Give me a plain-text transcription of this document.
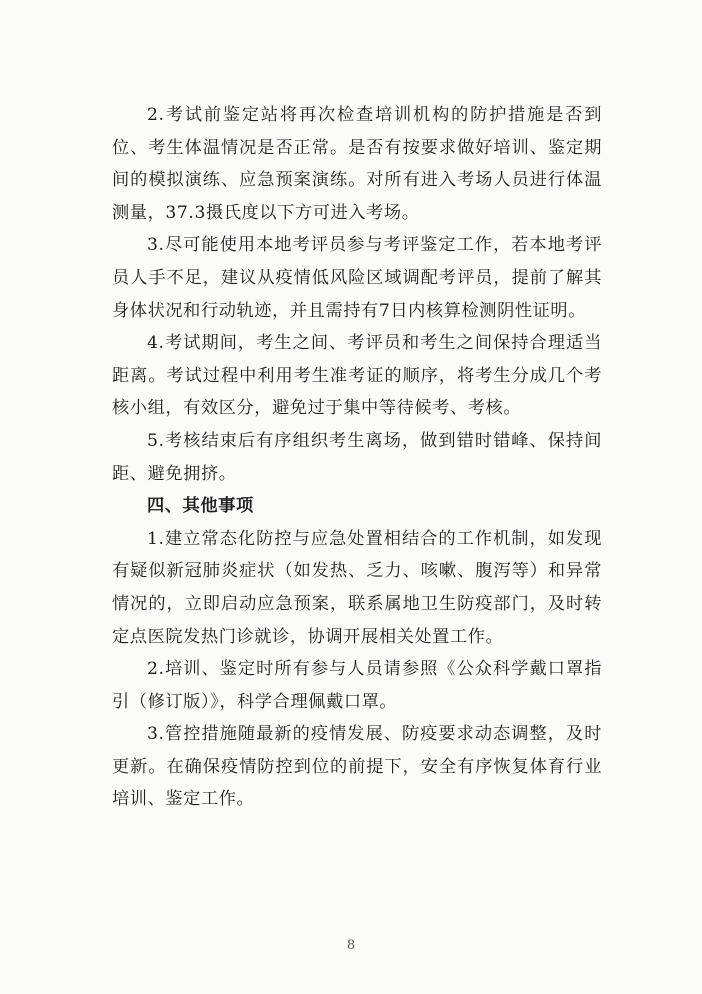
2.考试前鉴定站将再次检查培训机构的防护措施是否到位、考生体温情况是否正常。是否有按要求做好培训、鉴定期间的模拟演练、应急预案演练。对所有进入考场人员进行体温测量，37.3摄氏度以下方可进入考场。

3.尽可能使用本地考评员参与考评鉴定工作，若本地考评员人手不足，建议从疫情低风险区域调配考评员，提前了解其身体状况和行动轨迹，并且需持有7日内核算检测阴性证明。

4.考试期间，考生之间、考评员和考生之间保持合理适当距离。考试过程中利用考生准考证的顺序，将考生分成几个考核小组，有效区分，避免过于集中等待候考、考核。

5.考核结束后有序组织考生离场，做到错时错峰、保持间距、避免拥挤。

四、其他事项

1.建立常态化防控与应急处置相结合的工作机制，如发现有疑似新冠肺炎症状（如发热、乏力、咳嗽、腹泻等）和异常情况的，立即启动应急预案，联系属地卫生防疫部门，及时转定点医院发热门诊就诊，协调开展相关处置工作。

2.培训、鉴定时所有参与人员请参照《公众科学戴口罩指引（修订版）》，科学合理佩戴口罩。

3.管控措施随最新的疫情发展、防疫要求动态调整，及时更新。在确保疫情防控到位的前提下，安全有序恢复体育行业培训、鉴定工作。

8
